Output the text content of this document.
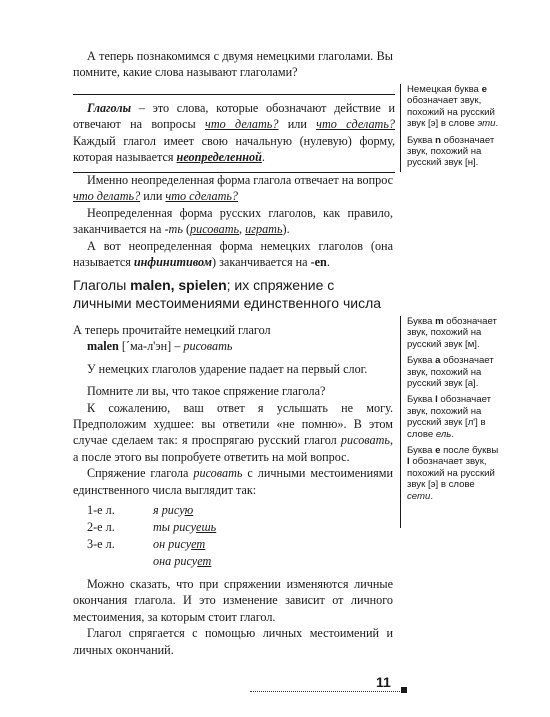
А теперь познакомимся с двумя немецкими глаголами. Вы помните, какие слова называют глаголами?

Глаголы – это слова, которые обозначают действие и отвечают на вопросы что делать? или что сделать? Каждый глагол имеет свою начальную (нулевую) форму, которая называется неопределенной.

Именно неопределенная форма глагола отвечает на вопрос что делать? или что сделать?

Неопределенная форма русских глаголов, как правило, заканчивается на -ть (рисовать, играть).

А вот неопределенная форма немецких глаголов (она называется инфинитивом) заканчивается на -en.

Глаголы malen, spielen; их спряжение с личными местоимениями единственного числа

А теперь прочитайте немецкий глагол

malen [ˊма-л'эн] – рисовать

У немецких глаголов ударение падает на первый слог.

Помните ли вы, что такое спряжение глагола?

К сожалению, ваш ответ я услышать не могу. Предположим худшее: вы ответили «не помню». В этом случае сделаем так: я проспрягаю русский глагол рисовать, а после этого вы попробуете ответить на мой вопрос.

Спряжение глагола рисовать с личными местоимениями единственного числа выглядит так:

1-е л.	я рисую
2-е л.	ты рисуешь
3-е л.	он рисует
она рисует

Можно сказать, что при спряжении изменяются личные окончания глагола. И это изменение зависит от личного местоимения, за которым стоит глагол.

Глагол спрягается с помощью личных местоимений и личных окончаний.

Немецкая буква e обозначает звук, похожий на русский звук [э] в слове эти.

Буква n обозначает звук, похожий на русский звук [н].

Буква m обозначает звук, похожий на русский звук [м].

Буква a обозначает звук, похожий на русский звук [а].

Буква l обозначает звук, похожий на русский звук [л'] в слове ель.

Буква e после буквы l обозначает звук, похожий на русский звук [э] в слове сети.

11
